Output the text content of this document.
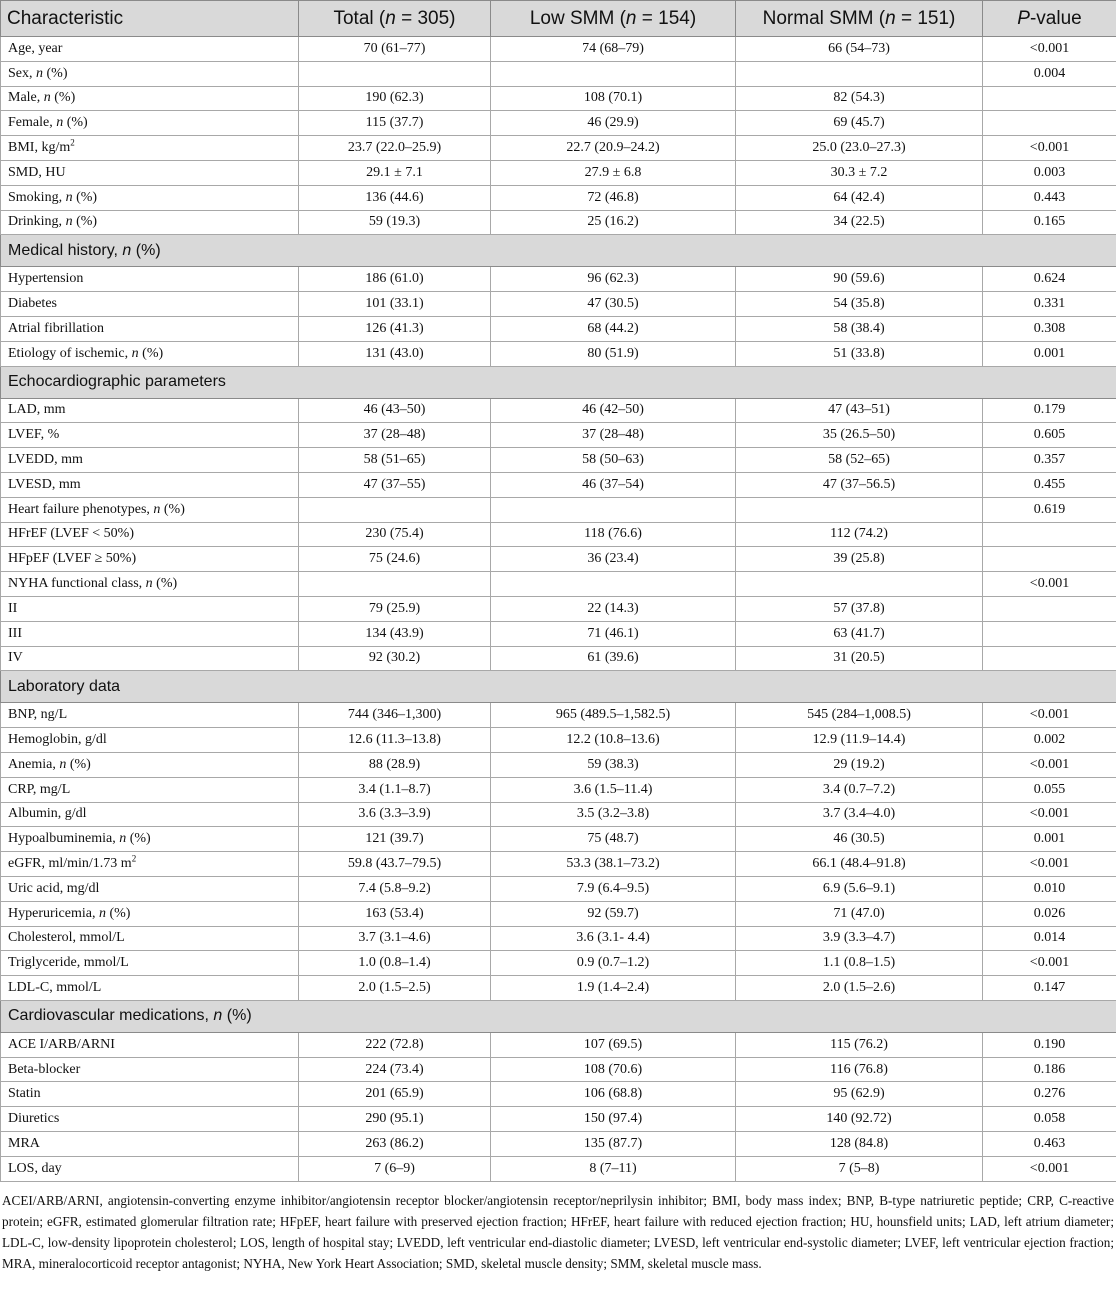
Characteristic	Total (n = 305)	Low SMM (n = 154)	Normal SMM (n = 151)	P-value
Age, year	70 (61–77)	74 (68–79)	66 (54–73)	<0.001
Sex, n (%)				0.004
Male, n (%)	190 (62.3)	108 (70.1)	82 (54.3)	
Female, n (%)	115 (37.7)	46 (29.9)	69 (45.7)	
BMI, $kg/m^2$	23.7 (22.0–25.9)	22.7 (20.9–24.2)	25.0 (23.0–27.3)	<0.001
SMD, HU	29.1 ± 7.1	27.9 ± 6.8	30.3 ± 7.2	0.003
Smoking, n (%)	136 (44.6)	72 (46.8)	64 (42.4)	0.443
Drinking, n (%)	59 (19.3)	25 (16.2)	34 (22.5)	0.165
Medical history, n (%)				
Hypertension	186 (61.0)	96 (62.3)	90 (59.6)	0.624
Diabetes	101 (33.1)	47 (30.5)	54 (35.8)	0.331
Atrial fibrillation	126 (41.3)	68 (44.2)	58 (38.4)	0.308
Etiology of ischemic, n (%)	131 (43.0)	80 (51.9)	51 (33.8)	0.001
Echocardiographic parameters				
LAD, mm	46 (43–50)	46 (42–50)	47 (43–51)	0.179
LVEF, %	37 (28–48)	37 (28–48)	35 (26.5–50)	0.605
LVEDD, mm	58 (51–65)	58 (50–63)	58 (52–65)	0.357
LVESD, mm	47 (37–55)	46 (37–54)	47 (37–56.5)	0.455
Heart failure phenotypes, n (%)				0.619
HFrEF (LVEF < 50%)	230 (75.4)	118 (76.6)	112 (74.2)	
HFpEF (LVEF ≥ 50%)	75 (24.6)	36 (23.4)	39 (25.8)	
NYHA functional class, n (%)				<0.001
II	79 (25.9)	22 (14.3)	57 (37.8)	
III	134 (43.9)	71 (46.1)	63 (41.7)	
IV	92 (30.2)	61 (39.6)	31 (20.5)	
Laboratory data				
BNP, ng/L	744 (346–1,300)	965 (489.5–1,582.5)	545 (284–1,008.5)	<0.001
Hemoglobin, g/dl	12.6 (11.3–13.8)	12.2 (10.8–13.6)	12.9 (11.9–14.4)	0.002
Anemia, n (%)	88 (28.9)	59 (38.3)	29 (19.2)	<0.001
CRP, mg/L	3.4 (1.1–8.7)	3.6 (1.5–11.4)	3.4 (0.7–7.2)	0.055
Albumin, g/dl	3.6 (3.3–3.9)	3.5 (3.2–3.8)	3.7 (3.4–4.0)	<0.001
Hypoalbuminemia, n (%)	121 (39.7)	75 (48.7)	46 (30.5)	0.001
eGFR, ml/min/1.73 $m^2$	59.8 (43.7–79.5)	53.3 (38.1–73.2)	66.1 (48.4–91.8)	<0.001
Uric acid, mg/dl	7.4 (5.8–9.2)	7.9 (6.4–9.5)	6.9 (5.6–9.1)	0.010
Hyperuricemia, n (%)	163 (53.4)	92 (59.7)	71 (47.0)	0.026
Cholesterol, mmol/L	3.7 (3.1–4.6)	3.6 (3.1- 4.4)	3.9 (3.3–4.7)	0.014
Triglyceride, mmol/L	1.0 (0.8–1.4)	0.9 (0.7–1.2)	1.1 (0.8–1.5)	<0.001
LDL-C, mmol/L	2.0 (1.5–2.5)	1.9 (1.4–2.4)	2.0 (1.5–2.6)	0.147
Cardiovascular medications, n (%)				
ACE I/ARB/ARNI	222 (72.8)	107 (69.5)	115 (76.2)	0.190
Beta-blocker	224 (73.4)	108 (70.6)	116 (76.8)	0.186
Statin	201 (65.9)	106 (68.8)	95 (62.9)	0.276
Diuretics	290 (95.1)	150 (97.4)	140 (92.72)	0.058
MRA	263 (86.2)	135 (87.7)	128 (84.8)	0.463
LOS, day	7 (6–9)	8 (7–11)	7 (5–8)	<0.001

ACEI/ARB/ARNI, angiotensin-converting enzyme inhibitor/angiotensin receptor blocker/angiotensin receptor/neprilysin inhibitor; BMI, body mass index; BNP, B-type natriuretic peptide; CRP, C-reactive protein; eGFR, estimated glomerular filtration rate; HFpEF, heart failure with preserved ejection fraction; HFrEF, heart failure with reduced ejection fraction; HU, hounsfield units; LAD, left atrium diameter; LDL-C, low-density lipoprotein cholesterol; LOS, length of hospital stay; LVEDD, left ventricular end-diastolic diameter; LVESD, left ventricular end-systolic diameter; LVEF, left ventricular ejection fraction; MRA, mineralocorticoid receptor antagonist; NYHA, New York Heart Association; SMD, skeletal muscle density; SMM, skeletal muscle mass.
